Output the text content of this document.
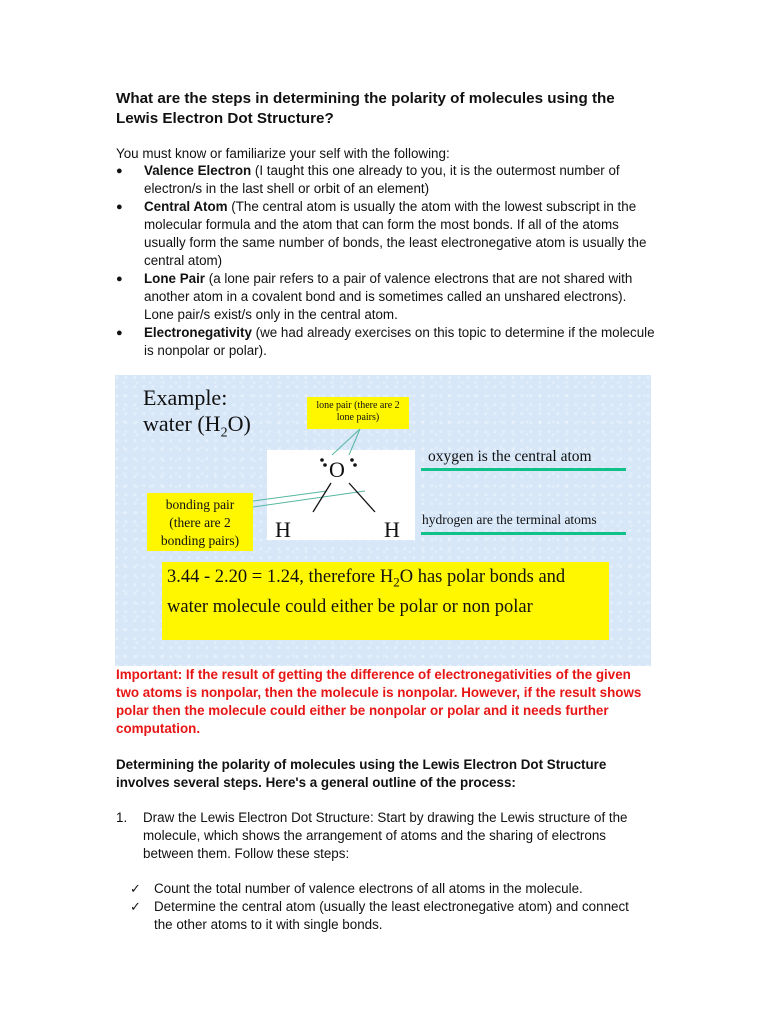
What are the steps in determining the polarity of molecules using the Lewis Electron Dot Structure?
You must know or familiarize your self with the following:
● Valence Electron (I taught this one already to you, it is the outermost number of electron/s in the last shell or orbit of an element)
● Central Atom (The central atom is usually the atom with the lowest subscript in the molecular formula and the atom that can form the most bonds. If all of the atoms usually form the same number of bonds, the least electronegative atom is usually the central atom)
● Lone Pair (a lone pair refers to a pair of valence electrons that are not shared with another atom in a covalent bond and is sometimes called an unshared electrons). Lone pair/s exist/s only in the central atom.
● Electronegativity (we had already exercises on this topic to determine if the molecule is nonpolar or polar).
Example:
water $(H_2O)$
lone pair (there are 2 lone pairs)
bonding pair
(there are 2
bonding pairs)
oxygen is the central atom
hydrogen are the terminal atoms
O
H	H
3.44 - 2.20 = 1.24, therefore $H_2O$ has polar bonds and water molecule could either be polar or non polar
Important: If the result of getting the difference of electronegativities of the given two atoms is nonpolar, then the molecule is nonpolar. However, if the result shows polar then the molecule could either be nonpolar or polar and it needs further computation.
Determining the polarity of molecules using the Lewis Electron Dot Structure involves several steps. Here's a general outline of the process:
1.	Draw the Lewis Electron Dot Structure: Start by drawing the Lewis structure of the molecule, which shows the arrangement of atoms and the sharing of electrons between them. Follow these steps:
✓ Count the total number of valence electrons of all atoms in the molecule.
✓ Determine the central atom (usually the least electronegative atom) and connect the other atoms to it with single bonds.
